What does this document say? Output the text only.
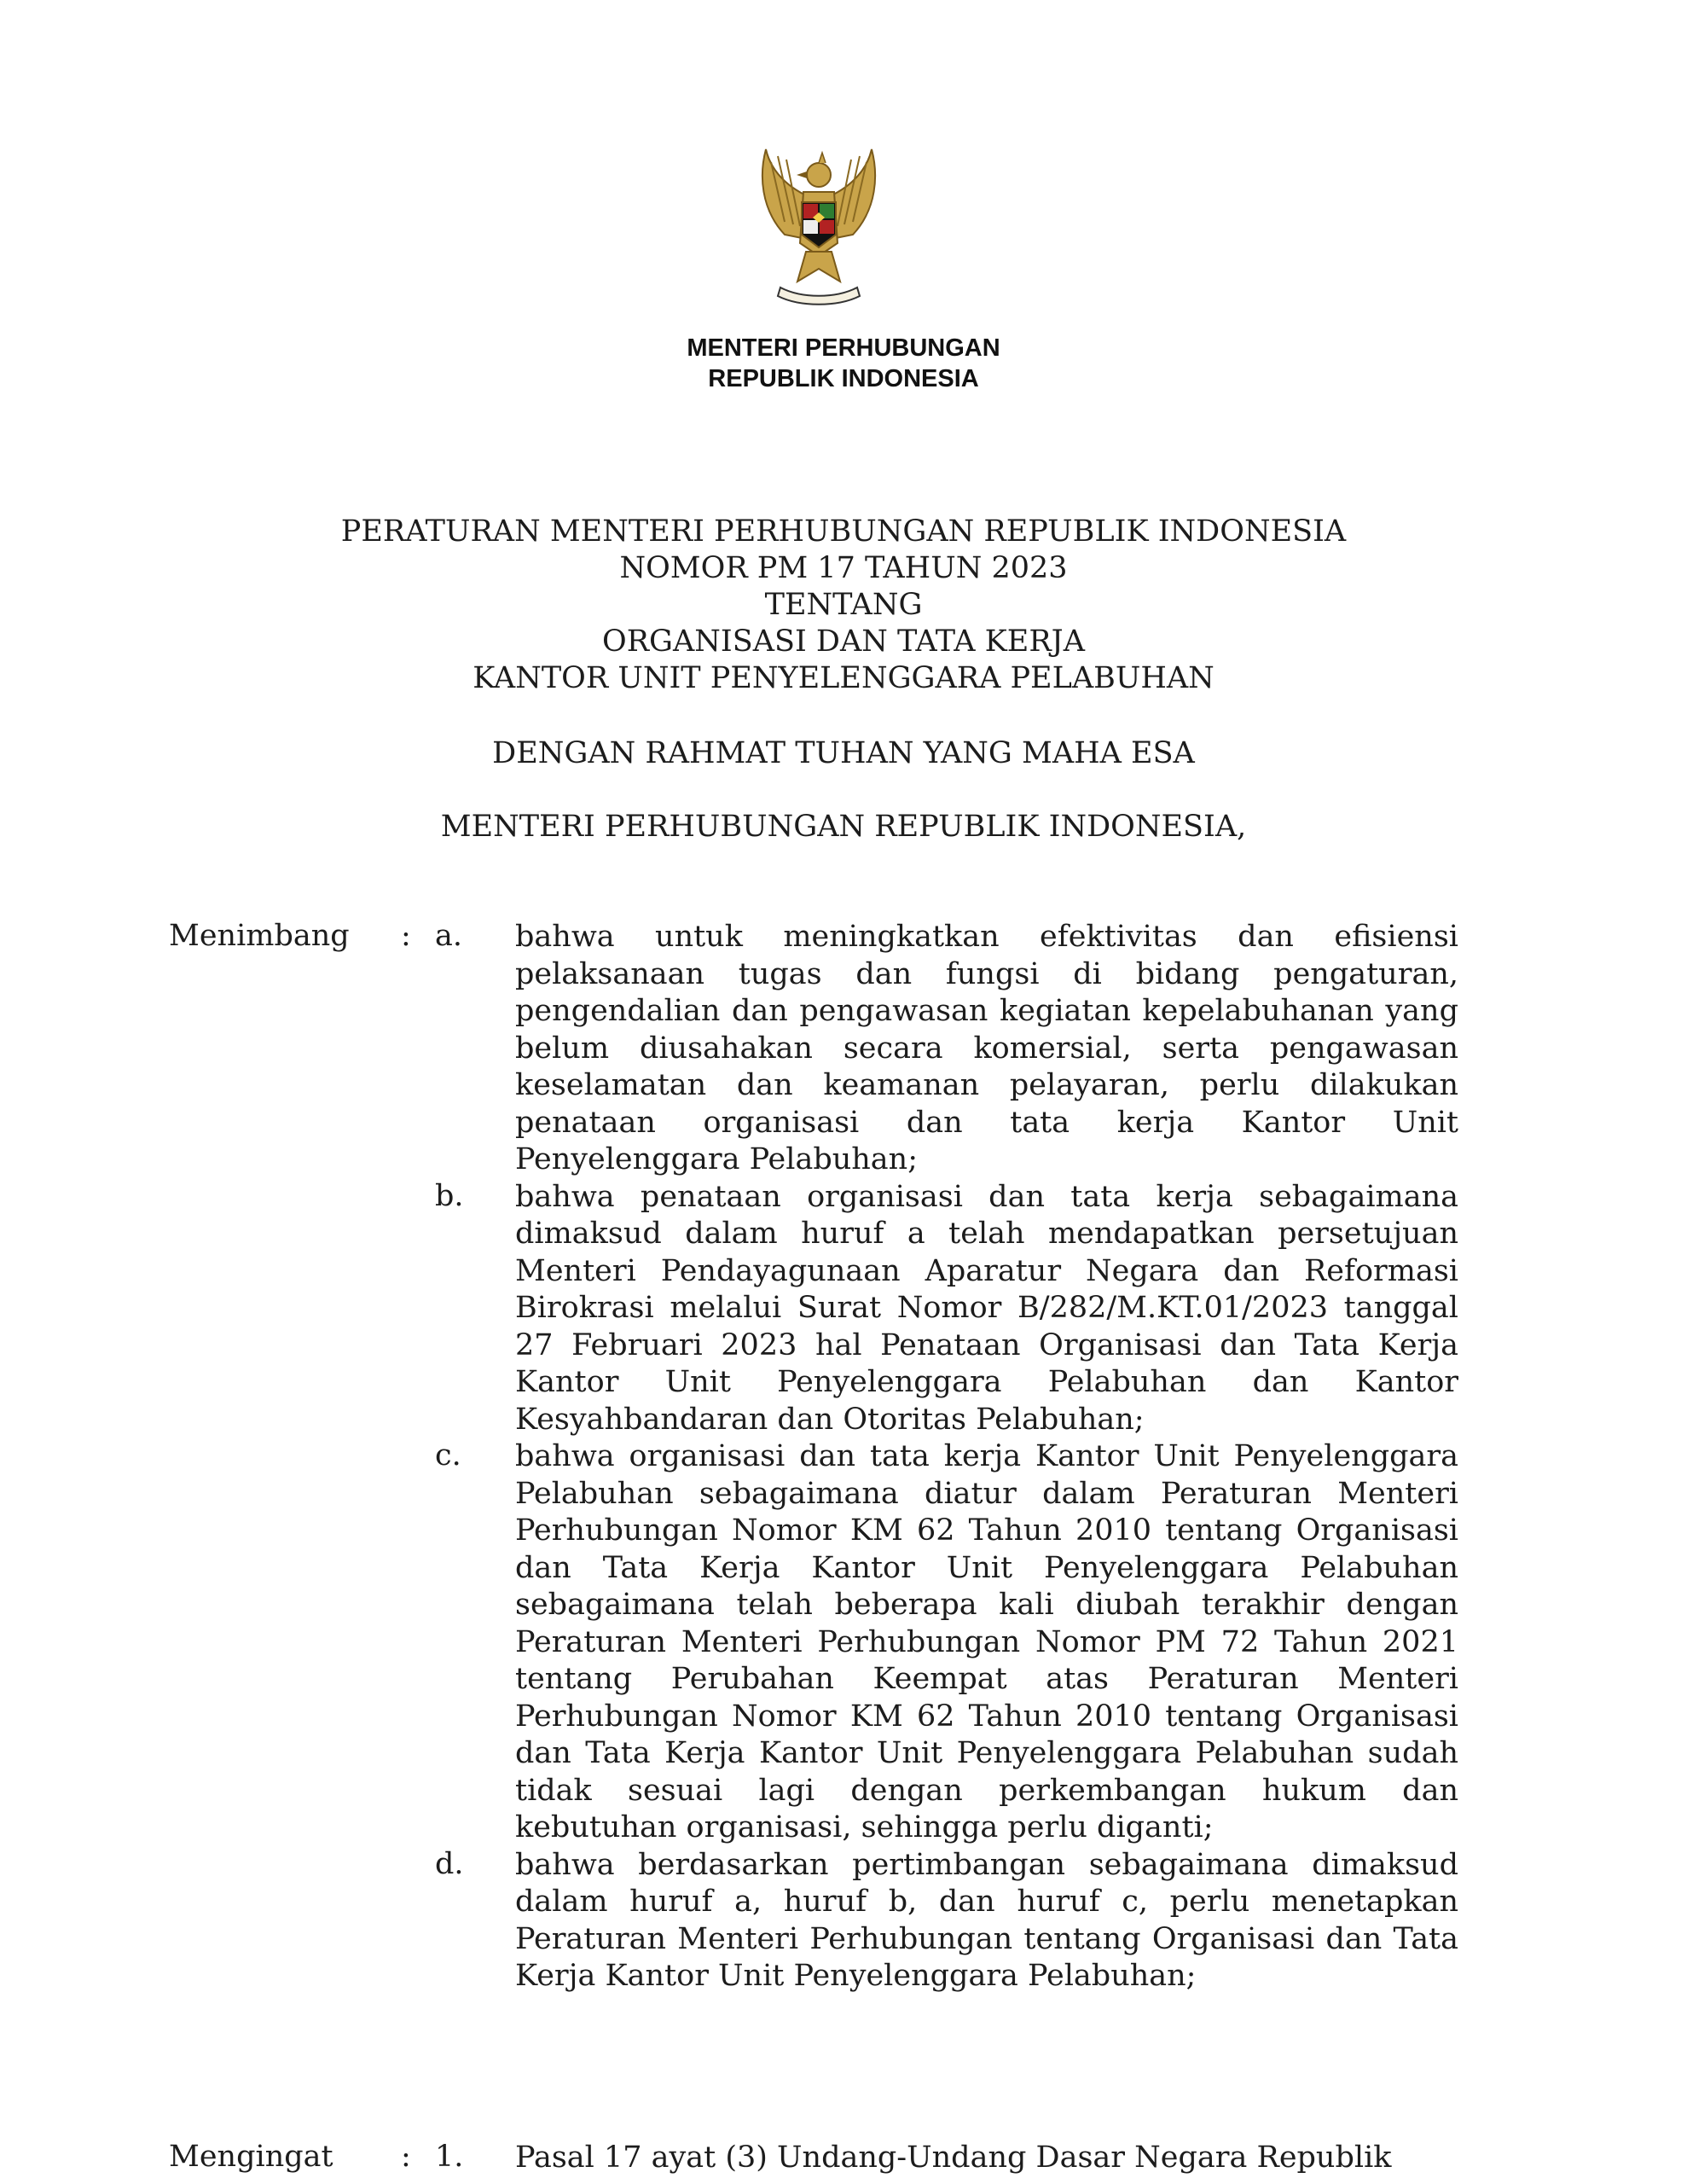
MENTERI PERHUBUNGAN
REPUBLIK INDONESIA
PERATURAN MENTERI PERHUBUNGAN REPUBLIK INDONESIA
NOMOR PM 17 TAHUN 2023
TENTANG
ORGANISASI DAN TATA KERJA
KANTOR UNIT PENYELENGGARA PELABUHAN
DENGAN RAHMAT TUHAN YANG MAHA ESA
MENTERI PERHUBUNGAN REPUBLIK INDONESIA,
Menimbang : a. bahwa untuk meningkatkan efektivitas dan efisiensi pelaksanaan tugas dan fungsi di bidang pengaturan, pengendalian dan pengawasan kegiatan kepelabuhanan yang belum diusahakan secara komersial, serta pengawasan keselamatan dan keamanan pelayaran, perlu dilakukan penataan organisasi dan tata kerja Kantor Unit Penyelenggara Pelabuhan;
b. bahwa penataan organisasi dan tata kerja sebagaimana dimaksud dalam huruf a telah mendapatkan persetujuan Menteri Pendayagunaan Aparatur Negara dan Reformasi Birokrasi melalui Surat Nomor B/282/M.KT.01/2023 tanggal 27 Februari 2023 hal Penataan Organisasi dan Tata Kerja Kantor Unit Penyelenggara Pelabuhan dan Kantor Kesyahbandaran dan Otoritas Pelabuhan;
c. bahwa organisasi dan tata kerja Kantor Unit Penyelenggara Pelabuhan sebagaimana diatur dalam Peraturan Menteri Perhubungan Nomor KM 62 Tahun 2010 tentang Organisasi dan Tata Kerja Kantor Unit Penyelenggara Pelabuhan sebagaimana telah beberapa kali diubah terakhir dengan Peraturan Menteri Perhubungan Nomor PM 72 Tahun 2021 tentang Perubahan Keempat atas Peraturan Menteri Perhubungan Nomor KM 62 Tahun 2010 tentang Organisasi dan Tata Kerja Kantor Unit Penyelenggara Pelabuhan sudah tidak sesuai lagi dengan perkembangan hukum dan kebutuhan organisasi, sehingga perlu diganti;
d. bahwa berdasarkan pertimbangan sebagaimana dimaksud dalam huruf a, huruf b, dan huruf c, perlu menetapkan Peraturan Menteri Perhubungan tentang Organisasi dan Tata Kerja Kantor Unit Penyelenggara Pelabuhan;
Mengingat : 1. Pasal 17 ayat (3) Undang-Undang Dasar Negara Republik
